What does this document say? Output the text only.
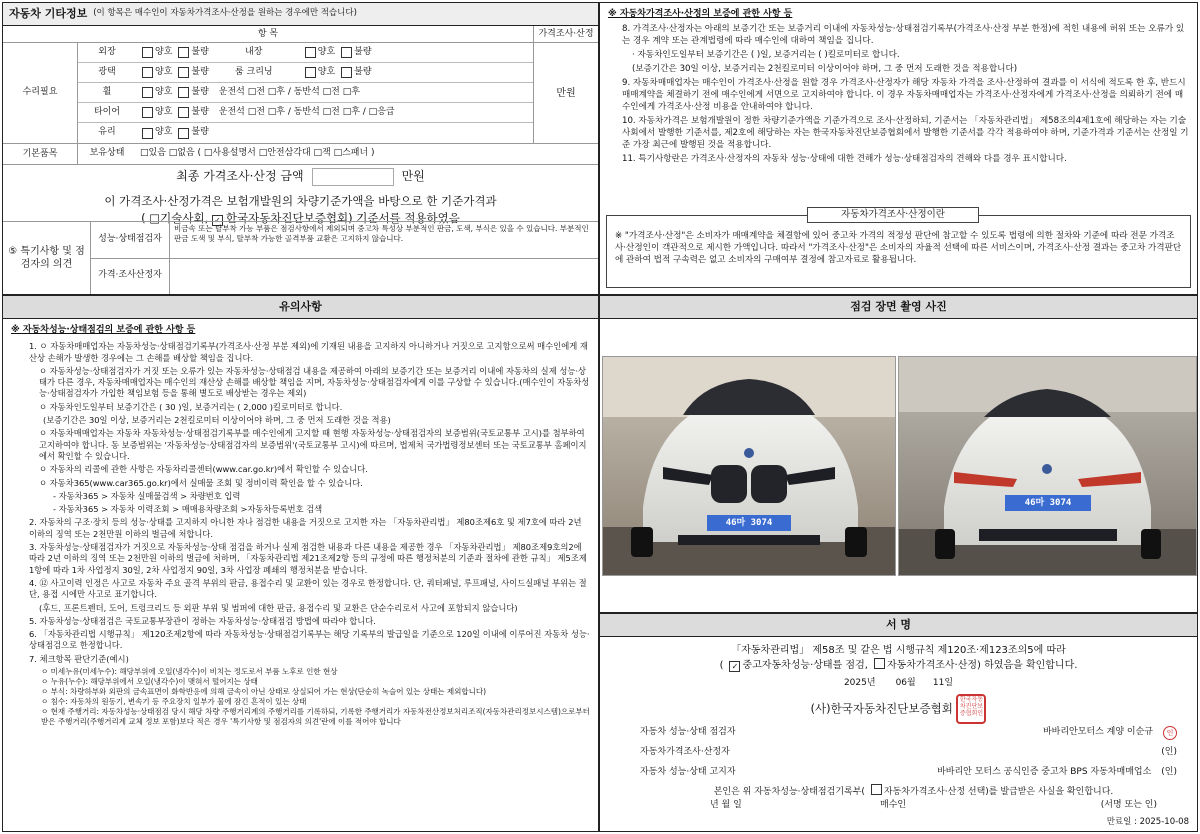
자동차 기타정보 (이 항목은 매수인이 자동차가격조사·산정을 원하는 경우에만 적습니다)
항 목	가격조사·산정
수리필요
외장	양호 불량	내장	양호 불량
광택	양호 불량	룸 크리닝	양호 불량
휠	양호 불량 운전석 □전 □후 / 동반석 □전 □후
타이어	양호 불량 운전석 □전 □후 / 동반석 □전 □후 / □응급
유리	양호 불량
만원
기본품목	보유상태	□있음 □없음 ( □사용설명서 □안전삼각대 □잭 □스패너 )
최종 가격조사·산정 금액	만원
이 가격조사·산정가격은 보험개발원의 차량기준가액을 바탕으로 한 기준가격과
( □기술사회, ✓한국자동차진단보증협회) 기준서를 적용하였음
⑤ 특기사항 및 점검자의 의견
성능·상태점검자
비금속 또는 탈부착 가능 부품은 점검사항에서 제외되며 중고차 특성상 부분적인 판금, 도색, 부식은 있을 수 있습니다. 부분적인 판금 도색 및 부식, 탈부착 가능한 골격부품 교환은 고지하지 않습니다.
가격·조사산정자
※ 자동차가격조사·산정의 보증에 관한 사항 등
8. 가격조사·산정자는 아래의 보증기간 또는 보증거리 이내에 자동차성능·상태점검기록부(가격조사·산정 부분 한정)에 적힌 내용에 허위 또는 오류가 있는 경우 계약 또는 관계법령에 따라 매수인에 대하여 책임을 집니다.
· 자동차인도일부터 보증기간은 ( )일, 보증거리는 ( )킬로미터로 합니다.
(보증기간은 30일 이상, 보증거리는 2천킬로미터 이상이어야 하며, 그 중 먼저 도래한 것을 적용합니다)
9. 자동차매매업자는 매수인이 가격조사·산정을 원할 경우 가격조사·산정자가 해당 자동차 가격을 조사·산정하여 결과를 이 서식에 적도록 한 후, 반드시 매매계약을 체결하기 전에 매수인에게 서면으로 고지하여야 합니다. 이 경우 자동차매매업자는 가격조사·산정자에게 가격조사·산정을 의뢰하기 전에 매수인에게 가격조사·산정 비용을 안내하여야 합니다.
10. 자동차가격은 보험개발원이 정한 차량기준가액을 기준가격으로 조사·산정하되, 기준서는 「자동차관리법」 제58조의4제1호에 해당하는 자는 기술사회에서 발행한 기준서를, 제2호에 해당하는 자는 한국자동차진단보증협회에서 발행한 기준서를 각각 적용하여야 하며, 기준가격과 기준서는 산정일 기준 가장 최근에 발행된 것을 적용합니다.
11. 특기사항란은 가격조사·산정자의 자동차 성능·상태에 대한 견해가 성능·상태점검자의 견해와 다를 경우 표시합니다.
자동차가격조사·산정이란
※ "가격조사·산정"은 소비자가 매매계약을 체결함에 있어 중고차 가격의 적정성 판단에 참고할 수 있도록 법령에 의한 절차와 기준에 따라 전문 가격조사·산정인이 객관적으로 제시한 가액입니다. 따라서 "가격조사·산정"은 소비자의 자율적 선택에 따른 서비스이며, 가격조사·산정 결과는 중고차 가격판단에 관하여 법적 구속력은 없고 소비자의 구매여부 결정에 참고자료로 활용됩니다.
유의사항
※ 자동차성능·상태점검의 보증에 관한 사항 등
1. ㅇ 자동차매매업자는 자동차성능·상태점검기록부(가격조사·산정 부분 제외)에 기재된 내용을 고지하지 아니하거나 거짓으로 고지함으로써 매수인에게 재산상 손해가 발생한 경우에는 그 손해를 배상할 책임을 집니다.
ㅇ 자동차성능·상태점검자가 거짓 또는 오류가 있는 자동차성능·상태점검 내용을 제공하여 아래의 보증기간 또는 보증거리 이내에 자동차의 실제 성능·상태가 다른 경우, 자동차매매업자는 매수인의 재산상 손해를 배상할 책임을 지며, 자동차성능·상태점검자에게 이를 구상할 수 있습니다.(매수인이 자동차성능·상태점검자가 가입한 책임보험 등을 통해 별도로 배상받는 경우는 제외)
ㅇ 자동차인도일부터 보증기간은 ( 30 )일, 보증거리는 ( 2,000 )킬로미터로 합니다.
(보증기간은 30일 이상, 보증거리는 2천킬로미터 이상이어야 하며, 그 중 먼저 도래한 것을 적용)
ㅇ 자동차매매업자는 자동차 자동차성능·상태점검기록부를 매수인에게 고지할 때 현행 자동차성능·상태점검자의 보증범위(국토교통부 고시)를 첨부하여 고지하여야 합니다. 동 보증범위는 '자동차성능·상태점검자의 보증범위'(국토교통부 고시)에 따르며, 법제처 국가법령정보센터 또는 국토교통부 홈페이지에서 확인할 수 있습니다.
ㅇ 자동차의 리콜에 관한 사항은 자동차리콜센터(www.car.go.kr)에서 확인할 수 있습니다.
ㅇ 자동차365(www.car365.go.kr)에서 실매물 조회 및 정비이력 확인을 할 수 있습니다.
- 자동차365 > 자동차 실매물검색 > 차량번호 입력
- 자동차365 > 자동차 이력조회 > 매매용차량조회 >자동차등록번호 검색
2. 자동차의 구조·장치 등의 성능·상태를 고지하지 아니한 자나 점검한 내용을 거짓으로 고지한 자는 「자동차관리법」 제80조제6호 및 제7호에 따라 2년 이하의 징역 또는 2천만원 이하의 벌금에 처합니다.
3. 자동차성능·상태점검자가 거짓으로 자동차성능·상태 점검을 하거나 실제 점검한 내용과 다른 내용을 제공한 경우 「자동차관리법」 제80조제9호의2에 따라 2년 이하의 징역 또는 2천만원 이하의 벌금에 처하며, 「자동차관리법 제21조제2항 등의 규정에 따른 행정처분의 기준과 절차에 관한 규칙」 제5조제1항에 따라 1차 사업정지 30일, 2차 사업정지 90일, 3차 사업장 폐쇄의 행정처분을 받습니다.
4. ⑫ 사고이력 인정은 사고로 자동차 주요 골격 부위의 판금, 용접수리 및 교환이 있는 경우로 한정합니다. 단, 쿼터패널, 루프패널, 사이드실패널 부위는 절단, 용접 시에만 사고로 표기합니다.
(후드, 프론트펜더, 도어, 트렁크리드 등 외판 부위 및 범퍼에 대한 판금, 용접수리 및 교환은 단순수리로서 사고에 포함되지 않습니다)
5. 자동차성능·상태점검은 국토교통부장관이 정하는 자동차성능·상태점검 방법에 따라야 합니다.
6. 「자동차관리법 시행규칙」 제120조제2항에 따라 자동차성능·상태점검기록부는 해당 기록부의 발급일을 기준으로 120일 이내에 이루어진 자동차 성능·상태점검으로 한정합니다.
7. 체크항목 판단기준(예시)
ㅇ 미세누유(미세누수): 해당부위에 오일(냉각수)이 비치는 정도로서 부품 노후로 인한 현상
ㅇ 누유(누수): 해당부위에서 오일(냉각수)이 맺혀서 떨어지는 상태
ㅇ 부식: 차량하부와 외판의 금속표면이 화학반응에 의해 금속이 아닌 상태로 상실되어 가는 현상(단순히 녹슬어 있는 상태는 제외합니다)
ㅇ 침수: 자동차의 원동기, 변속기 등 주요장치 일부가 물에 잠긴 흔적이 있는 상태
ㅇ 현재 주행거리: 자동차성능·상태점검 당시 해당 차량 주행거리계의 주행거리를 기록하되, 기록한 주행거리가 자동차전산정보처리조직(자동차관리정보시스템)으로부터 받은 주행거리(주행거리계 교체 정보 포함)보다 적은 경우 '특기사항 및 점검자의 의견'란에 이를 적어야 합니다
점검 장면 촬영 사진
46마 3074
46마 3074
서 명
「자동차관리법」 제58조 및 같은 법 시행규칙 제120조·제123조의5에 따라
(✓ 중고자동차성능·상태를 점검, 자동차가격조사·산정) 하였음을 확인합니다.
2025년 06월 11일
(사)한국자동차진단보증협회 한국자동차진단보증협회인
자동차 성능·상태 점검자	바바리안모터스 계양 이순규	인
자동차가격조사·산정자	(인)
자동차 성능·상태 고지자	바바리안 모터스 공식인증 중고차 BPS 자동차매매업소	(인)
본인은 위 자동차성능·상태점검기록부( 자동차가격조사·산정 선택)를 발급받은 사실을 확인합니다.
년 월 일	매수인	(서명 또는 인)
만료일 : 2025-10-08
